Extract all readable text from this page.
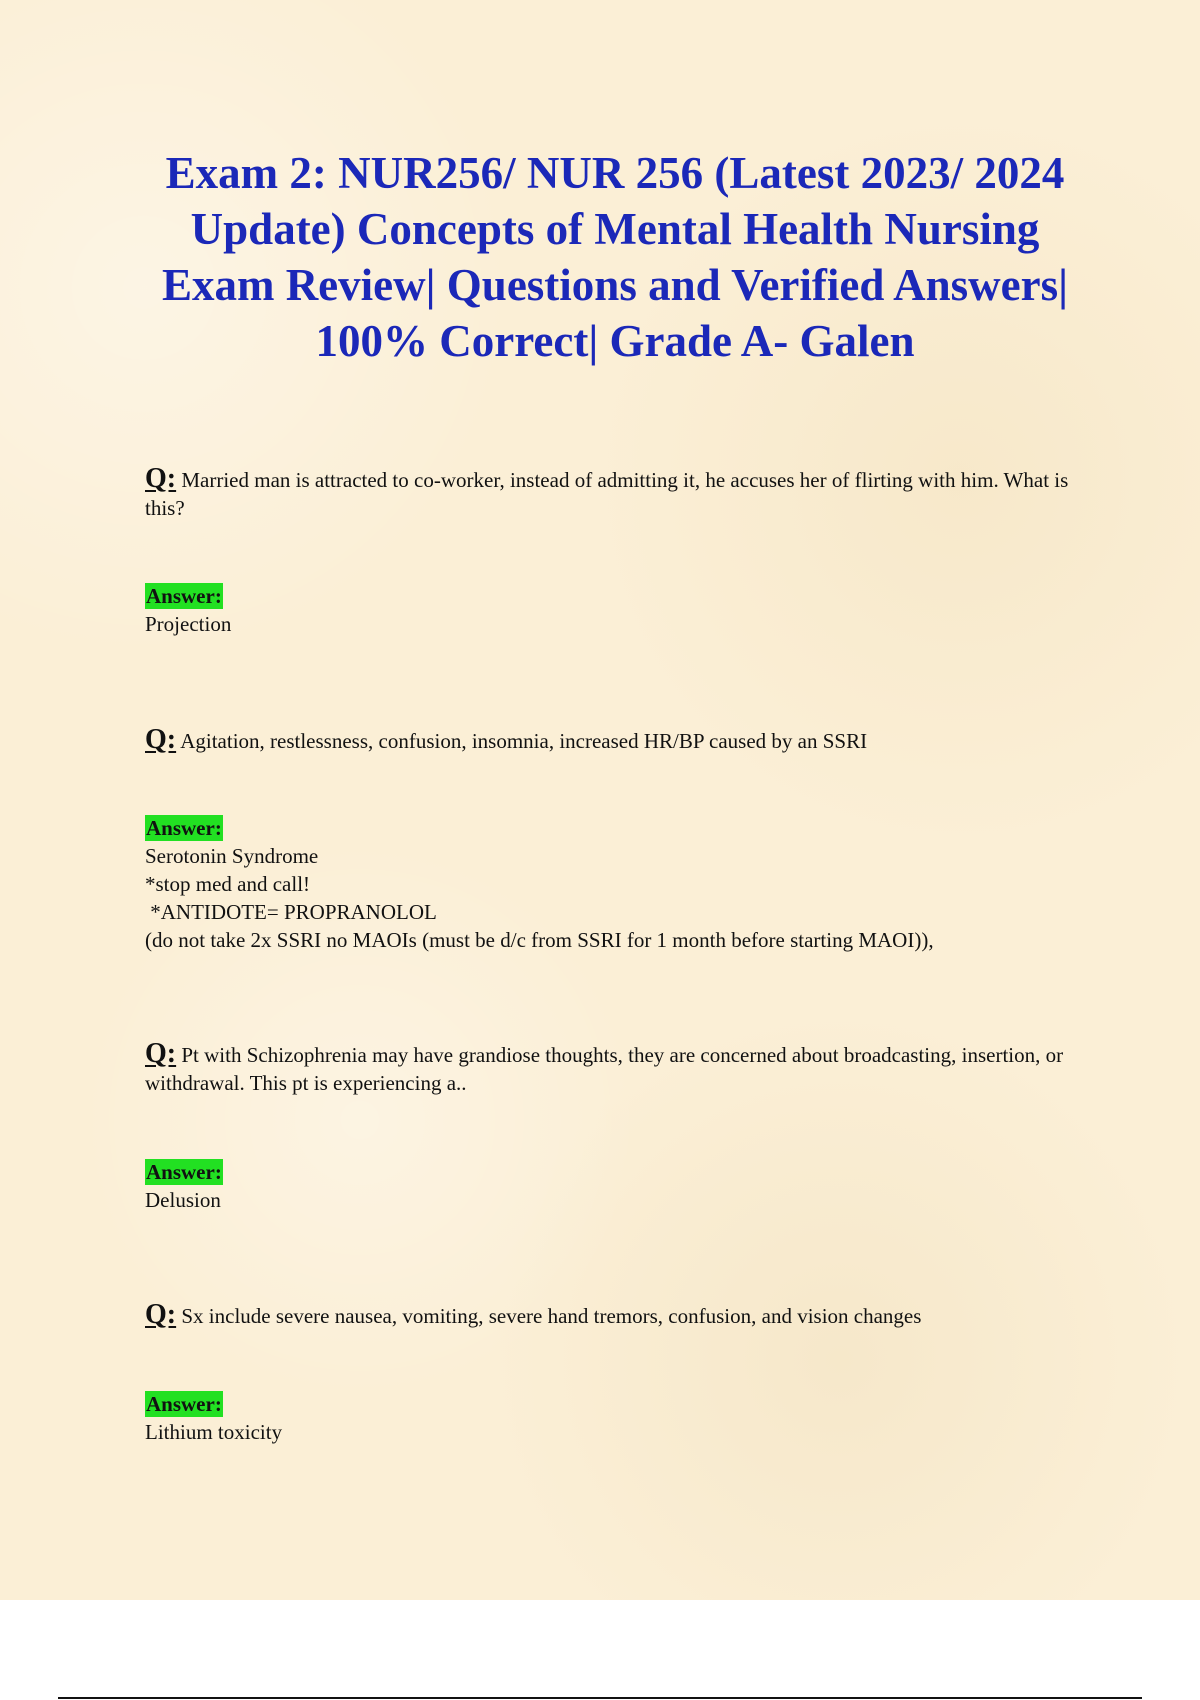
Exam 2: NUR256/ NUR 256 (Latest 2023/ 2024 Update) Concepts of Mental Health Nursing Exam Review| Questions and Verified Answers| 100% Correct| Grade A- Galen
Q: Married man is attracted to co-worker, instead of admitting it, he accuses her of flirting with him. What is this?
Answer:

Projection

Q: Agitation, restlessness, confusion, insomnia, increased HR/BP caused by an SSRI
Answer:

Serotonin Syndrome

*stop med and call!

*ANTIDOTE= PROPRANOLOL

(do not take 2x SSRI no MAOIs (must be d/c from SSRI for 1 month before starting MAOI)),

Q: Pt with Schizophrenia may have grandiose thoughts, they are concerned about broadcasting, insertion, or withdrawal. This pt is experiencing a..
Answer:

Delusion

Q: Sx include severe nausea, vomiting, severe hand tremors, confusion, and vision changes
Answer:

Lithium toxicity
